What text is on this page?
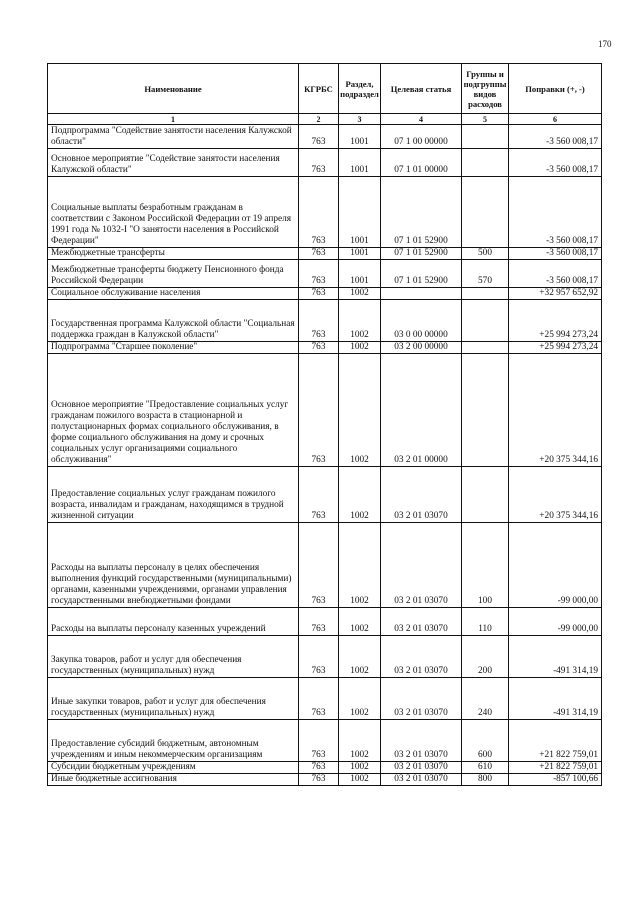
170
Наименование	КГРБС	Раздел, подраздел	Целевая статья	Группы и подгруппы видов расходов	Поправки (+, -)
1	2	3	4	5	6
Подпрограмма "Содействие занятости населения Калужской области"	763	1001	07 1 00 00000		-3 560 008,17
Основное мероприятие "Содействие занятости населения Калужской области"	763	1001	07 1 01 00000		-3 560 008,17
Социальные выплаты безработным гражданам в соответствии с Законом Российской Федерации от 19 апреля 1991 года № 1032-I "О занятости населения в Российской Федерации"	763	1001	07 1 01 52900		-3 560 008,17
Межбюджетные трансферты	763	1001	07 1 01 52900	500	-3 560 008,17
Межбюджетные трансферты бюджету Пенсионного фонда Российской Федерации	763	1001	07 1 01 52900	570	-3 560 008,17
Социальное обслуживание населения	763	1002			+32 957 652,92
Государственная программа Калужской области "Социальная поддержка граждан в Калужской области"	763	1002	03 0 00 00000		+25 994 273,24
Подпрограмма "Старшее поколение"	763	1002	03 2 00 00000		+25 994 273,24
Основное мероприятие "Предоставление социальных услуг гражданам пожилого возраста в стационарной и полустационарных формах социального обслуживания, в форме социального обслуживания на дому и срочных социальных услуг организациями социального обслуживания"	763	1002	03 2 01 00000		+20 375 344,16
Предоставление социальных услуг гражданам пожилого возраста, инвалидам и гражданам, находящимся в трудной жизненной ситуации	763	1002	03 2 01 03070		+20 375 344,16
Расходы на выплаты персоналу в целях обеспечения выполнения функций государственными (муниципальными) органами, казенными учреждениями, органами управления государственными внебюджетными фондами	763	1002	03 2 01 03070	100	-99 000,00
Расходы на выплаты персоналу казенных учреждений	763	1002	03 2 01 03070	110	-99 000,00
Закупка товаров, работ и услуг для обеспечения государственных (муниципальных) нужд	763	1002	03 2 01 03070	200	-491 314,19
Иные закупки товаров, работ и услуг для обеспечения государственных (муниципальных) нужд	763	1002	03 2 01 03070	240	-491 314,19
Предоставление субсидий бюджетным, автономным учреждениям и иным некоммерческим организациям	763	1002	03 2 01 03070	600	+21 822 759,01
Субсидии бюджетным учреждениям	763	1002	03 2 01 03070	610	+21 822 759,01
Иные бюджетные ассигнования	763	1002	03 2 01 03070	800	-857 100,66
